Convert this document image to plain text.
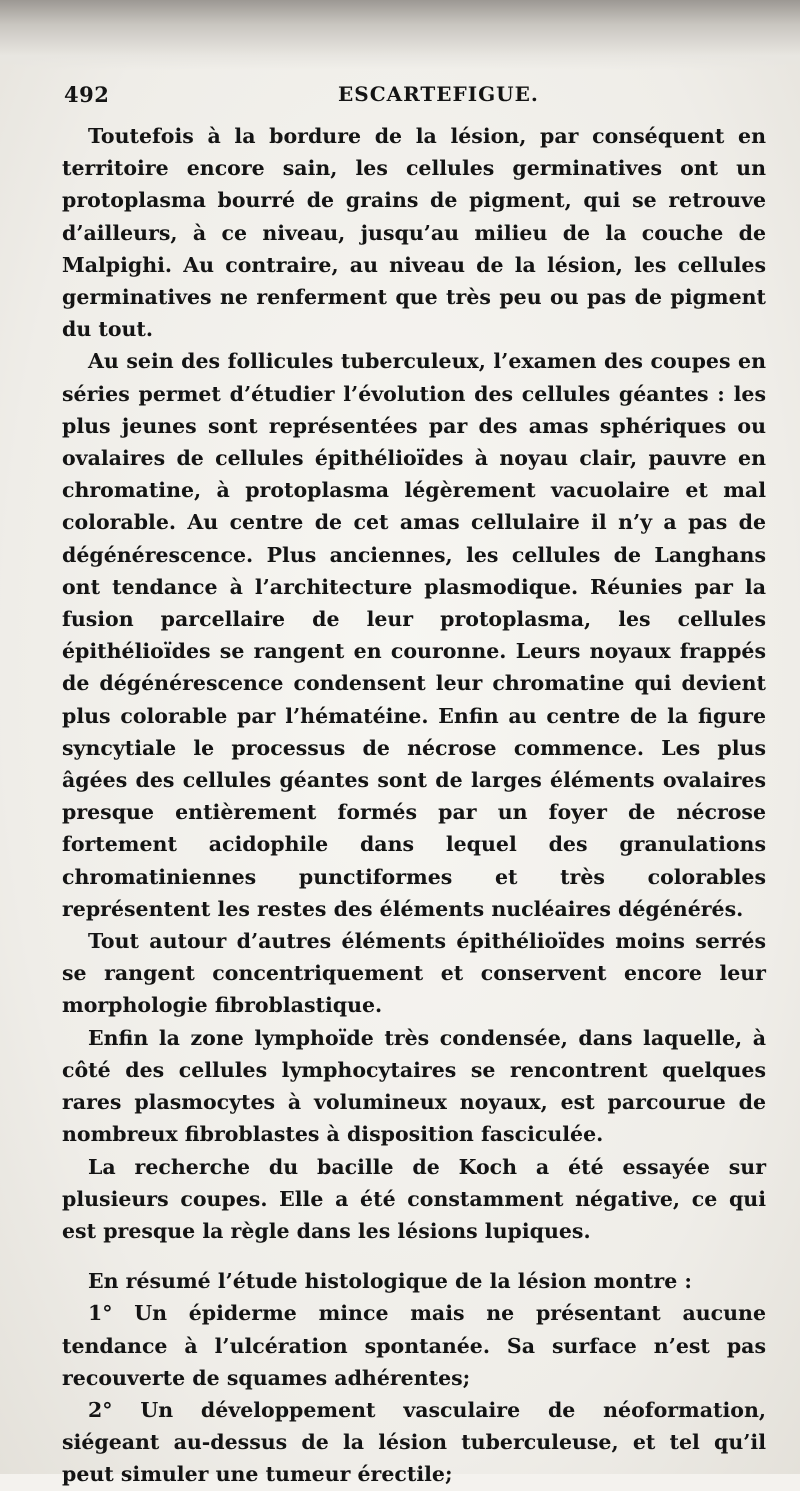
492	ESCARTEFIGUE.

Toutefois à la bordure de la lésion, par conséquent en territoire encore sain, les cellules germinatives ont un protoplasma bourré de grains de pigment, qui se retrouve d’ailleurs, à ce niveau, jusqu’au milieu de la couche de Malpighi. Au contraire, au niveau de la lésion, les cellules germinatives ne renferment que très peu ou pas de pigment du tout.

Au sein des follicules tuberculeux, l’examen des coupes en séries permet d’étudier l’évolution des cellules géantes : les plus jeunes sont représentées par des amas sphériques ou ovalaires de cellules épithélioïdes à noyau clair, pauvre en chromatine, à protoplasma légèrement vacuolaire et mal colorable. Au centre de cet amas cellulaire il n’y a pas de dégénérescence. Plus anciennes, les cellules de Langhans ont tendance à l’architecture plasmodique. Réunies par la fusion parcellaire de leur protoplasma, les cellules épithélioïdes se rangent en couronne. Leurs noyaux frappés de dégénérescence condensent leur chromatine qui devient plus colorable par l’hématéine. Enfin au centre de la figure syncytiale le processus de nécrose commence. Les plus âgées des cellules géantes sont de larges éléments ovalaires presque entièrement formés par un foyer de nécrose fortement acidophile dans lequel des granulations chromatiniennes punctiformes et très colorables représentent les restes des éléments nucléaires dégénérés.

Tout autour d’autres éléments épithélioïdes moins serrés se rangent concentriquement et conservent encore leur morphologie fibroblastique.

Enfin la zone lymphoïde très condensée, dans laquelle, à côté des cellules lymphocytaires se rencontrent quelques rares plasmocytes à volumineux noyaux, est parcourue de nombreux fibroblastes à disposition fasciculée.

La recherche du bacille de Koch a été essayée sur plusieurs coupes. Elle a été constamment négative, ce qui est presque la règle dans les lésions lupiques.

En résumé l’étude histologique de la lésion montre :

1° Un épiderme mince mais ne présentant aucune tendance à l’ulcération spontanée. Sa surface n’est pas recouverte de squames adhérentes;

2° Un développement vasculaire de néoformation, siégeant au-dessus de la lésion tuberculeuse, et tel qu’il peut simuler une tumeur érectile;
